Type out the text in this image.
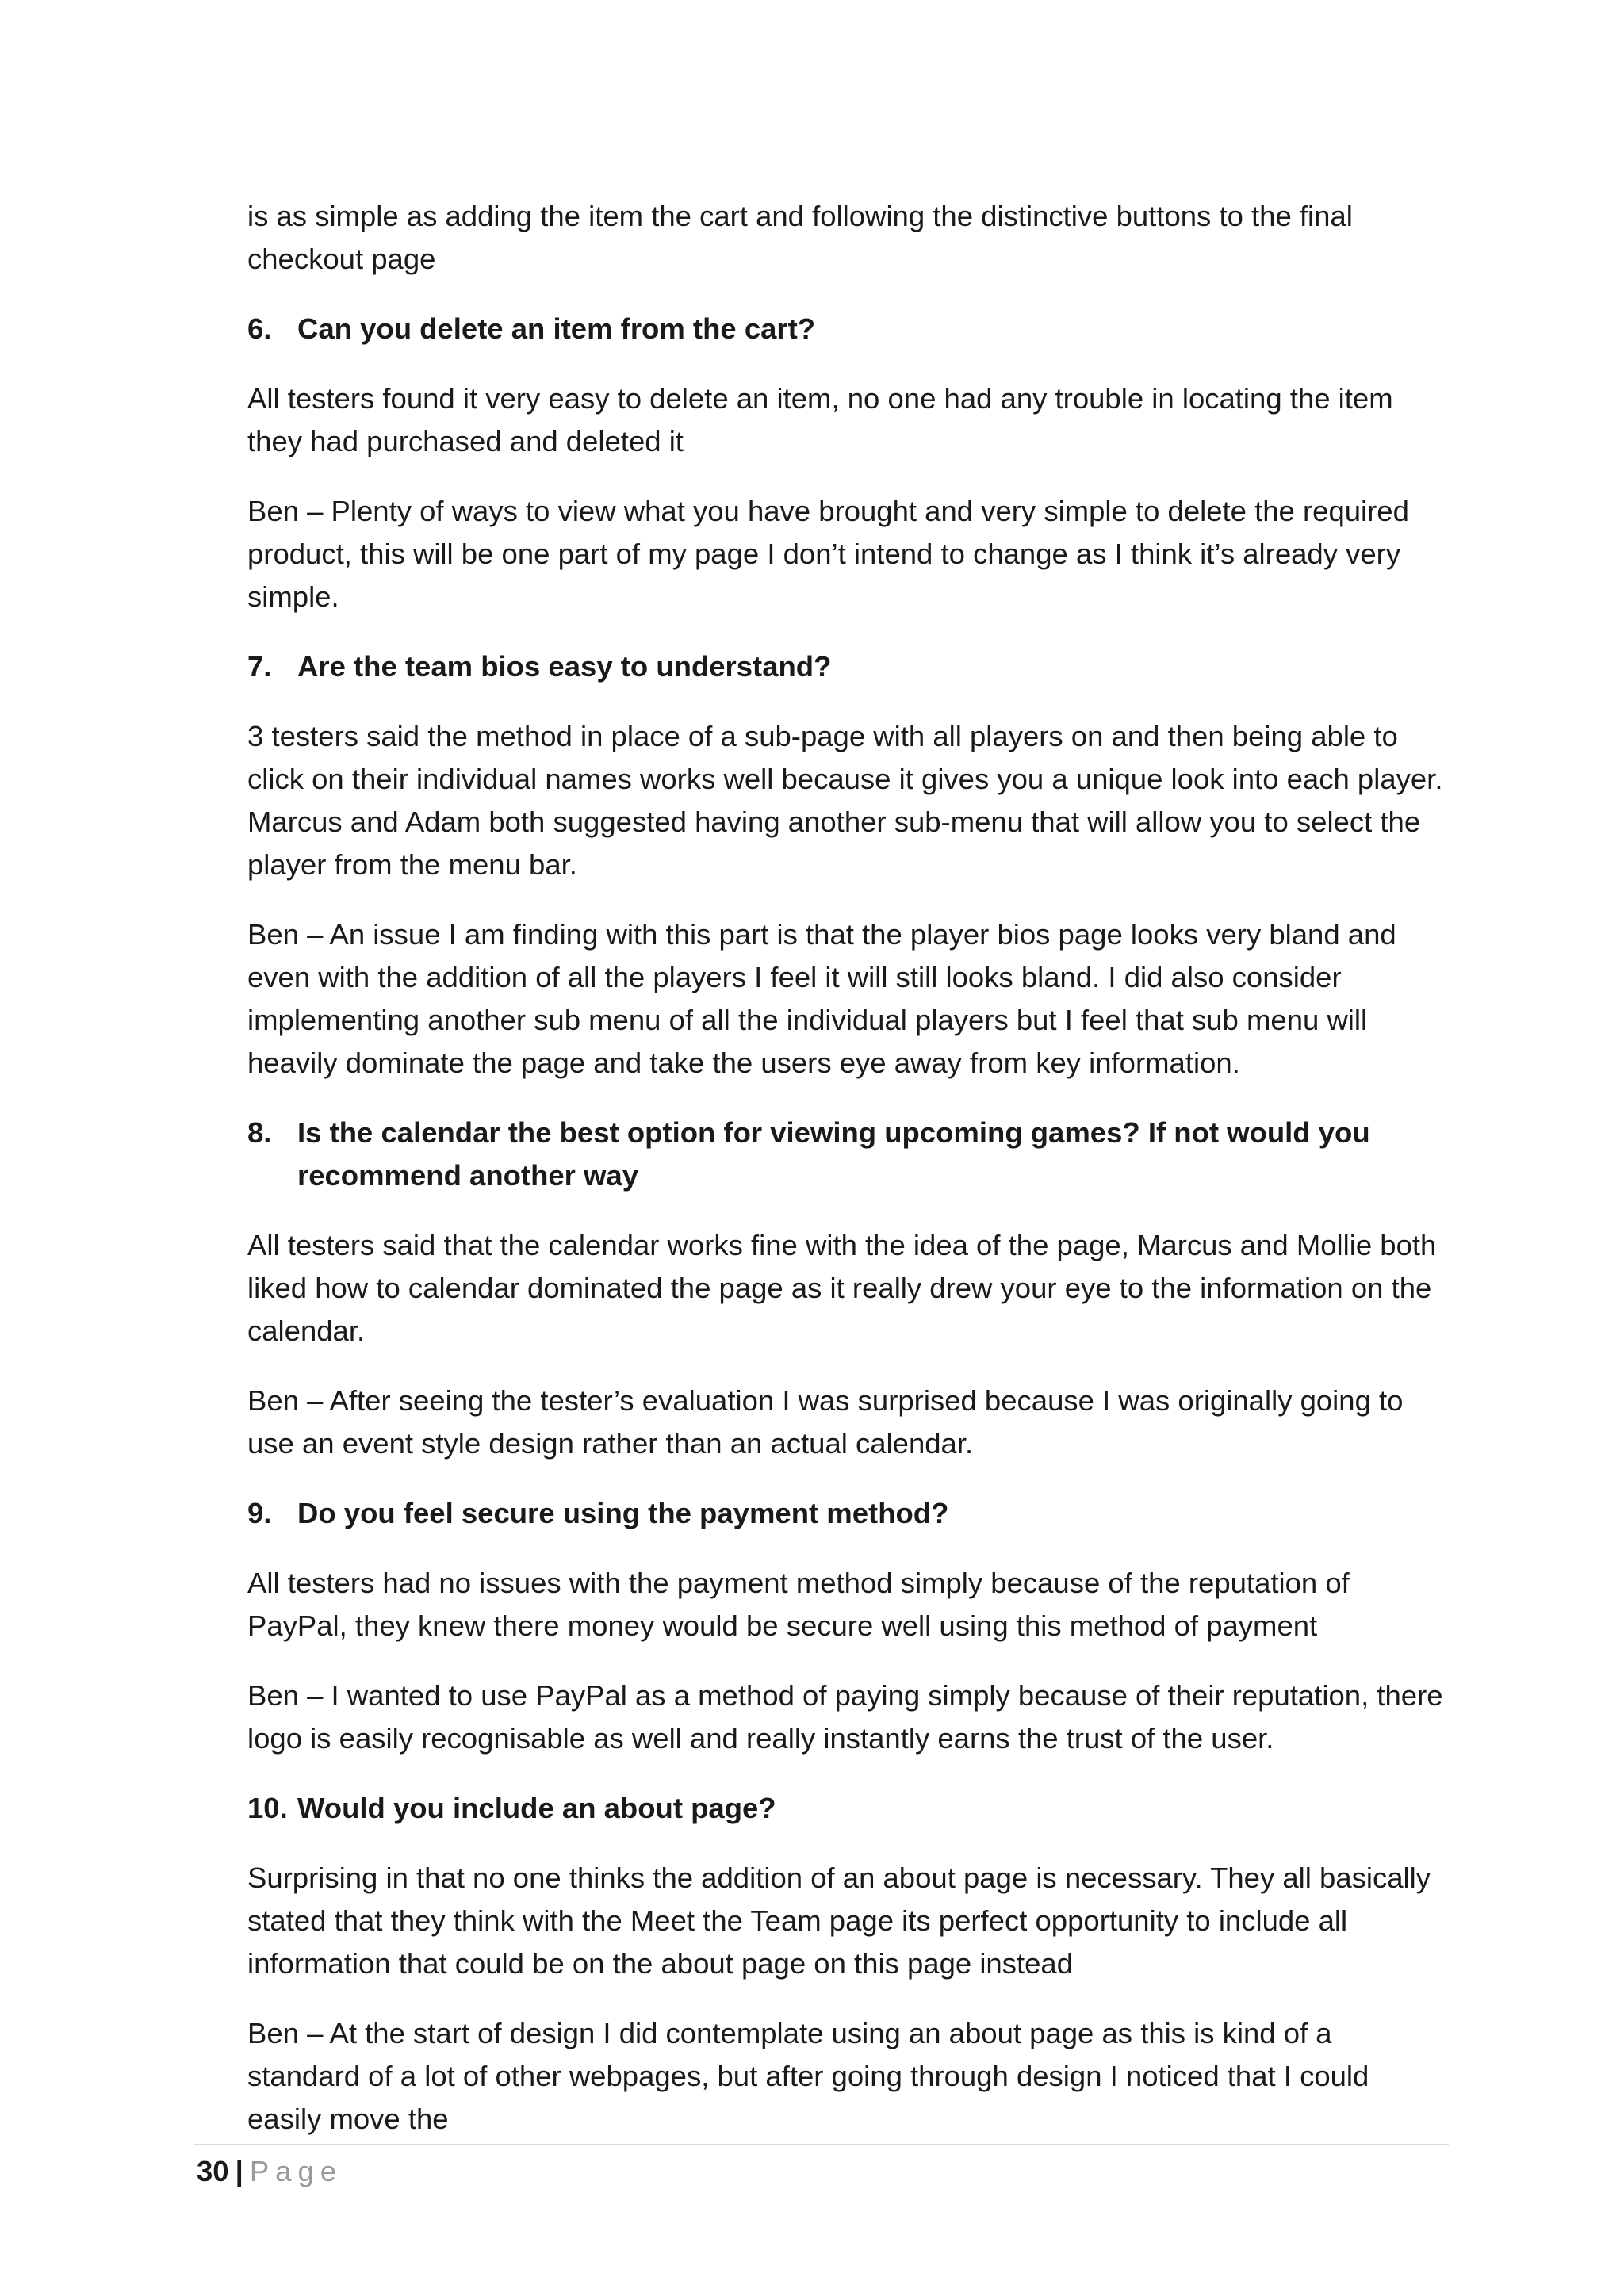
is as simple as adding the item the cart and following the distinctive buttons to the final checkout page

6. Can you delete an item from the cart?

All testers found it very easy to delete an item, no one had any trouble in locating the item they had purchased and deleted it

Ben – Plenty of ways to view what you have brought and very simple to delete the required product, this will be one part of my page I don’t intend to change as I think it’s already very simple.

7. Are the team bios easy to understand?

3 testers said the method in place of a sub-page with all players on and then being able to click on their individual names works well because it gives you a unique look into each player. Marcus and Adam both suggested having another sub-menu that will allow you to select the player from the menu bar.

Ben – An issue I am finding with this part is that the player bios page looks very bland and even with the addition of all the players I feel it will still looks bland. I did also consider implementing another sub menu of all the individual players but I feel that sub menu will heavily dominate the page and take the users eye away from key information.

8. Is the calendar the best option for viewing upcoming games? If not would you recommend another way

All testers said that the calendar works fine with the idea of the page, Marcus and Mollie both liked how to calendar dominated the page as it really drew your eye to the information on the calendar.

Ben – After seeing the tester’s evaluation I was surprised because I was originally going to use an event style design rather than an actual calendar.

9. Do you feel secure using the payment method?

All testers had no issues with the payment method simply because of the reputation of PayPal, they knew there money would be secure well using this method of payment

Ben – I wanted to use PayPal as a method of paying simply because of their reputation, there logo is easily recognisable as well and really instantly earns the trust of the user.

10. Would you include an about page?

Surprising in that no one thinks the addition of an about page is necessary. They all basically stated that they think with the Meet the Team page its perfect opportunity to include all information that could be on the about page on this page instead

Ben – At the start of design I did contemplate using an about page as this is kind of a standard of a lot of other webpages, but after going through design I noticed that I could easily move the

30 | Page
